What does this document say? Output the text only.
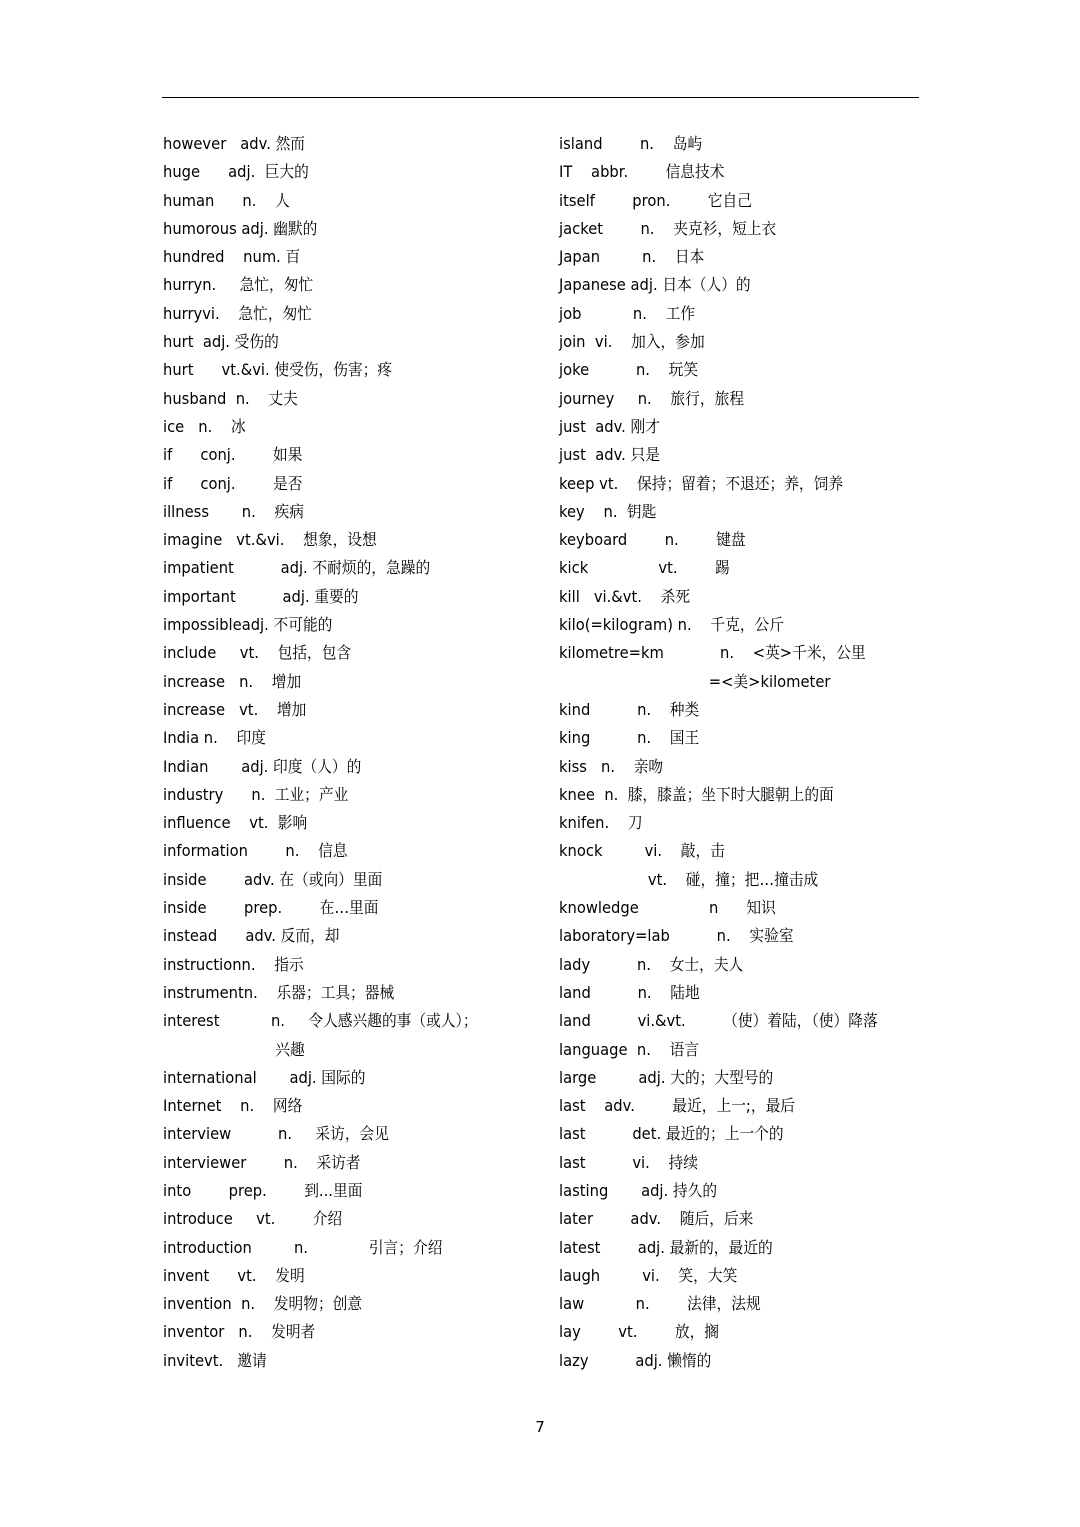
however   adv. 然而
huge      adj.  巨大的
human      n.    人
humorous adj. 幽默的
hundred    num. 百
hurryn.     急忙，匆忙
hurryvi.    急忙，匆忙
hurt  adj. 受伤的
hurt      vt.&vi. 使受伤，伤害；疼
husband  n.    丈夫
ice   n.    冰
if      conj.        如果
if      conj.        是否
illness       n.    疾病
imagine   vt.&vi.    想象，设想
impatient          adj. 不耐烦的，急躁的
important          adj. 重要的
impossibleadj. 不可能的
include     vt.    包括，包含
increase   n.    增加
increase   vt.    增加
India n.    印度
Indian       adj. 印度（人）的
industry      n.  工业；产业
influence    vt.  影响
information        n.    信息
inside        adv. 在（或向）里面
inside        prep.        在…里面
instead      adv. 反而，却
instructionn.    指示
instrumentn.    乐器；工具；器械
interest           n.     令人感兴趣的事（或人）；
兴趣
international       adj. 国际的
Internet    n.    网络
interview          n.     采访，会见
interviewer        n.    采访者
into        prep.        到...里面
introduce     vt.        介绍
introduction         n.             引言；介绍
invent      vt.    发明
invention  n.    发明物；创意
inventor   n.    发明者
invitevt.   邀请
island        n.    岛屿
IT    abbr.        信息技术
itself        pron.        它自己
jacket        n.    夹克衫，短上衣
Japan         n.    日本
Japanese adj. 日本（人）的
job           n.    工作
join  vi.    加入，参加
joke          n.    玩笑
journey     n.    旅行，旅程
just  adv. 刚才
just  adv. 只是
keep vt.    保持；留着；不退还；养，饲养
key    n.  钥匙
keyboard        n.        键盘
kick               vt.        踢
kill   vi.&vt.    杀死
kilo(=kilogram) n.    千克，公斤
kilometre=km            n.    <英>千米，公里
=<美>kilometer
kind          n.    种类
king          n.    国王
kiss   n.    亲吻
knee  n.  膝，膝盖；坐下时大腿朝上的面
knifen.    刀
knock         vi.    敲，击
vt.    碰，撞；把…撞击成
knowledge               n      知识
laboratory=lab          n.    实验室
lady          n.    女士，夫人
land          n.    陆地
land          vi.&vt.        （使）着陆，（使）降落
language  n.    语言
large         adj. 大的；大型号的
last    adv.        最近，上一;，最后
last          det. 最近的；上一个的
last          vi.    持续
lasting       adj. 持久的
later        adv.    随后，后来
latest        adj. 最新的，最近的
laugh         vi.    笑，大笑
law           n.        法律，法规
lay        vt.        放，搁
lazy          adj. 懒惰的
7
